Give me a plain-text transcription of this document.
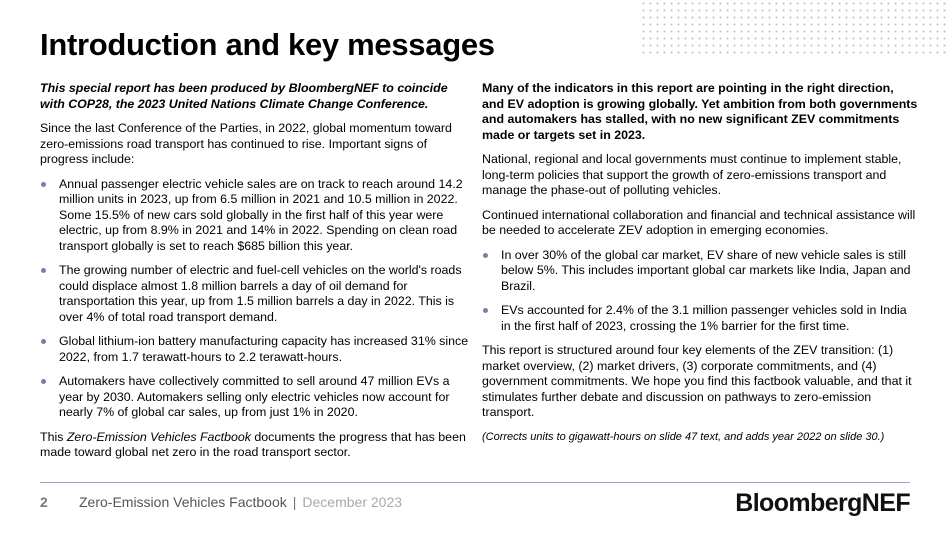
Introduction and key messages

This special report has been produced by BloombergNEF to coincide with COP28, the 2023 United Nations Climate Change Conference.

Since the last Conference of the Parties, in 2022, global momentum toward zero-emissions road transport has continued to rise. Important signs of progress include:

Annual passenger electric vehicle sales are on track to reach around 14.2 million units in 2023, up from 6.5 million in 2021 and 10.5 million in 2022. Some 15.5% of new cars sold globally in the first half of this year were electric, up from 8.9% in 2021 and 14% in 2022. Spending on clean road transport globally is set to reach $685 billion this year.
The growing number of electric and fuel-cell vehicles on the world's roads could displace almost 1.8 million barrels a day of oil demand for transportation this year, up from 1.5 million barrels a day in 2022. This is over 4% of total road transport demand.
Global lithium-ion battery manufacturing capacity has increased 31% since 2022, from 1.7 terawatt-hours to 2.2 terawatt-hours.
Automakers have collectively committed to sell around 47 million EVs a year by 2030. Automakers selling only electric vehicles now account for nearly 7% of global car sales, up from just 1% in 2020.

This Zero-Emission Vehicles Factbook documents the progress that has been made toward global net zero in the road transport sector.

Many of the indicators in this report are pointing in the right direction, and EV adoption is growing globally. Yet ambition from both governments and automakers has stalled, with no new significant ZEV commitments made or targets set in 2023.

National, regional and local governments must continue to implement stable, long-term policies that support the growth of zero-emissions transport and manage the phase-out of polluting vehicles.

Continued international collaboration and financial and technical assistance will be needed to accelerate ZEV adoption in emerging economies.

In over 30% of the global car market, EV share of new vehicle sales is still below 5%. This includes important global car markets like India, Japan and Brazil.
EVs accounted for 2.4% of the 3.1 million passenger vehicles sold in India in the first half of 2023, crossing the 1% barrier for the first time.

This report is structured around four key elements of the ZEV transition: (1) market overview, (2) market drivers, (3) corporate commitments, and (4) government commitments. We hope you find this factbook valuable, and that it stimulates further debate and discussion on pathways to zero-emission transport.

(Corrects units to gigawatt-hours on slide 47 text, and adds year 2022 on slide 30.)

2 Zero-Emission Vehicles Factbook | December 2023	BloombergNEF
